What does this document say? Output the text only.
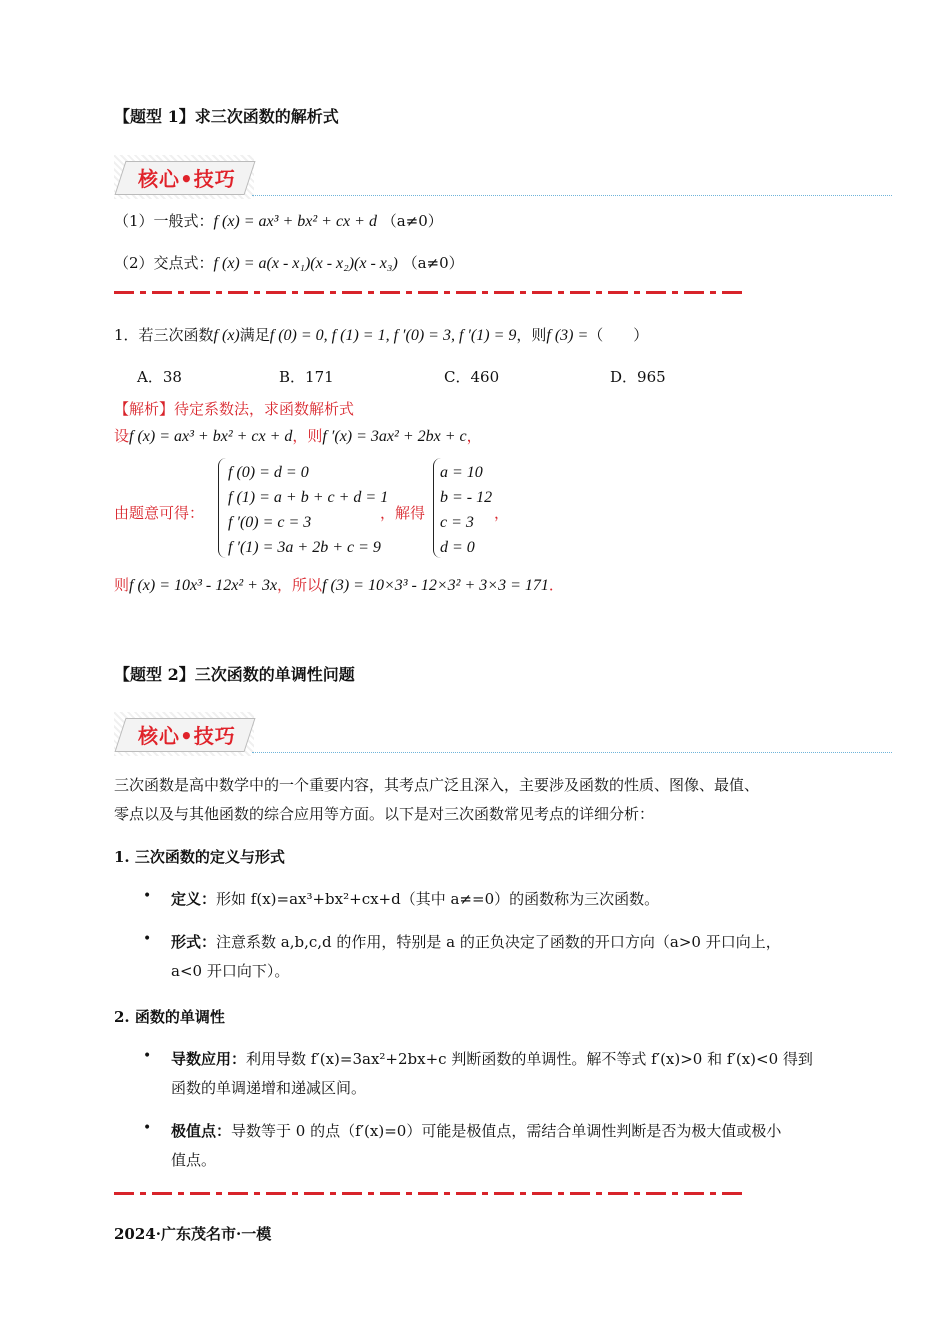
【题型 1】求三次函数的解析式
核心•技巧
（1）一般式：f (x) = ax³ + bx² + cx + d （a≠0）
（2）交点式：f (x) = a(x - x₁)(x - x₂)(x - x₃) （a≠0）
1．若三次函数f (x)满足f (0) = 0, f (1) = 1, f ′(0) = 3, f ′(1) = 9，则f (3) =（　　）
A．38	B．171	C．460	D．965
【解析】待定系数法，求函数解析式
设f (x) = ax³ + bx² + cx + d，则f ′(x) = 3ax² + 2bx + c，
由题意可得：
f (0) = d = 0
f (1) = a + b + c + d = 1
f ′(0) = c = 3
f ′(1) = 3a + 2b + c = 9
，解得
a = 10
b = - 12
c = 3
d = 0
，
则f (x) = 10x³ - 12x² + 3x，所以f (3) = 10×3³ - 12×3² + 3×3 = 171．
【题型 2】三次函数的单调性问题
核心•技巧
三次函数是高中数学中的一个重要内容，其考点广泛且深入，主要涉及函数的性质、图像、最值、
零点以及与其他函数的综合应用等方面。以下是对三次函数常见考点的详细分析：
1. 三次函数的定义与形式
• 定义：形如 f(x)=ax³+bx²+cx+d（其中 a≠=0）的函数称为三次函数。
• 形式：注意系数 a,b,c,d 的作用，特别是 a 的正负决定了函数的开口方向（a>0 开口向上，
a<0 开口向下）。
2. 函数的单调性
• 导数应用：利用导数 f′(x)=3ax²+2bx+c 判断函数的单调性。解不等式 f′(x)>0 和 f′(x)<0 得到
函数的单调递增和递减区间。
• 极值点：导数等于 0 的点（f′(x)=0）可能是极值点，需结合单调性判断是否为极大值或极小
值点。
2024·广东茂名市·一模
